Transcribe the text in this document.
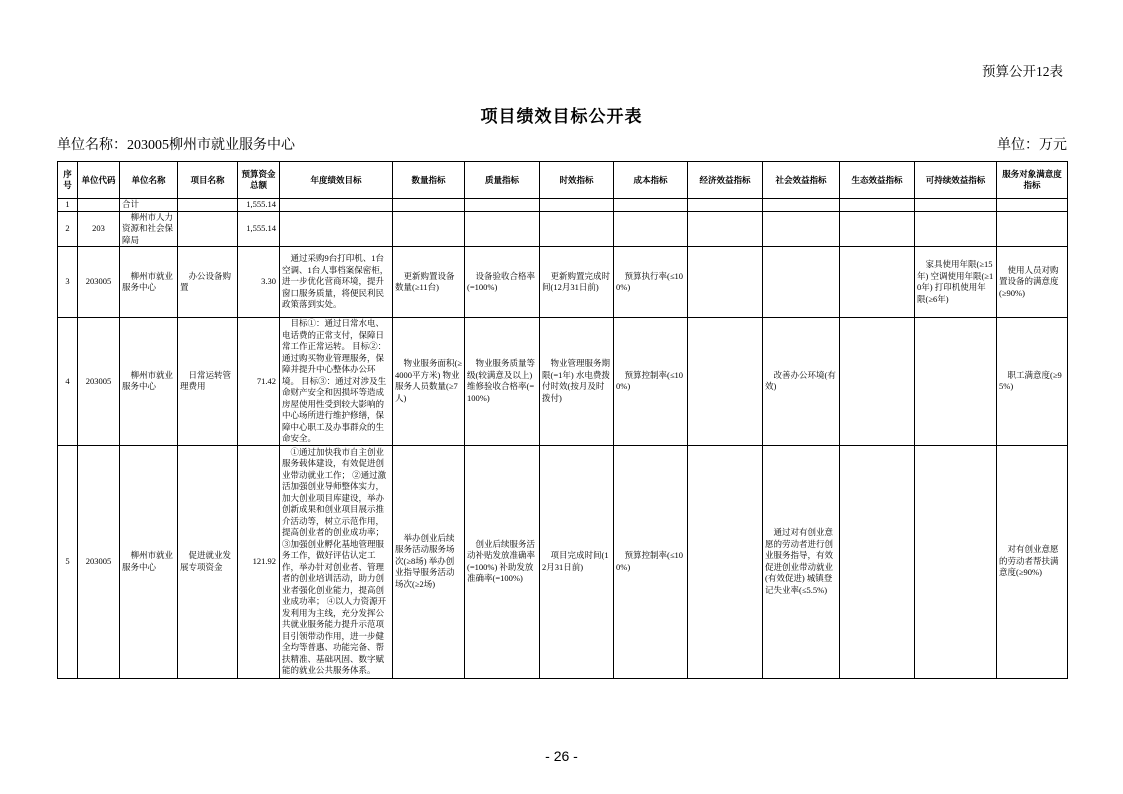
预算公开12表
项目绩效目标公开表
单位名称：203005柳州市就业服务中心	单位：万元
序号	单位代码	单位名称	项目名称	预算资金总额	年度绩效目标	数量指标	质量指标	时效指标	成本指标	经济效益指标	社会效益指标	生态效益指标	可持续效益指标	服务对象满意度指标
1		合计		1,555.14										
2	203	柳州市人力资源和社会保障局		1,555.14										
3	203005	柳州市就业服务中心	办公设备购置	3.30	通过采购9台打印机、1台空调、1台人事档案保密柜，进一步优化营商环境，提升窗口服务质量，将便民利民政策落到实处。	更新购置设备数量(≥11台)	设备验收合格率(=100%)	更新购置完成时间(12月31日前)	预算执行率(≤100%)				家具使用年限(≥15年) 空调使用年限(≥10年) 打印机使用年限(≥6年)	使用人员对购置设备的满意度(≥90%)
4	203005	柳州市就业服务中心	日常运转管理费用	71.42	目标①：通过日常水电、电话费的正常支付，保障日常工作正常运转。 目标②：通过购买物业管理服务，保障并提升中心整体办公环境。 目标③：通过对涉及生命财产安全和因损坏等造成房屋使用性受到较大影响的中心场所进行维护修缮，保障中心职工及办事群众的生命安全。	物业服务面积(≥4000平方米) 物业服务人员数量(≥7人)	物业服务质量等级(较满意及以上) 维修验收合格率(=100%)	物业管理服务期限(=1年) 水电费拨付时效(按月及时拨付)	预算控制率(≤100%)		改善办公环境(有效)			职工满意度(≥95%)
5	203005	柳州市就业服务中心	促进就业发展专项资金	121.92	①通过加快我市自主创业服务载体建设，有效促进创业带动就业工作； ②通过激活加强创业导师整体实力，加大创业项目库建设，举办创新成果和创业项目展示推介活动等，树立示范作用，提高创业者的创业成功率； ③加强创业孵化基地管理服务工作，做好评估认定工作，举办针对创业者、管理者的创业培训活动，助力创业者强化创业能力，提高创业成功率； ④以人力资源开发利用为主线，充分发挥公共就业服务能力提升示范项目引领带动作用，进一步健全均等普惠、功能完备、帮扶精准、基础巩固、数字赋能的就业公共服务体系。	举办创业后续服务活动服务场次(≥8场) 举办创业指导服务活动场次(≥2场)	创业后续服务活动补贴发放准确率(=100%) 补助发放准确率(=100%)	项目完成时间(12月31日前)	预算控制率(≤100%)		通过对有创业意愿的劳动者进行创业服务指导，有效促进创业带动就业(有效促进) 城镇登记失业率(≤5.5%)			对有创业意愿的劳动者帮扶满意度(≥90%)
- 26 -
